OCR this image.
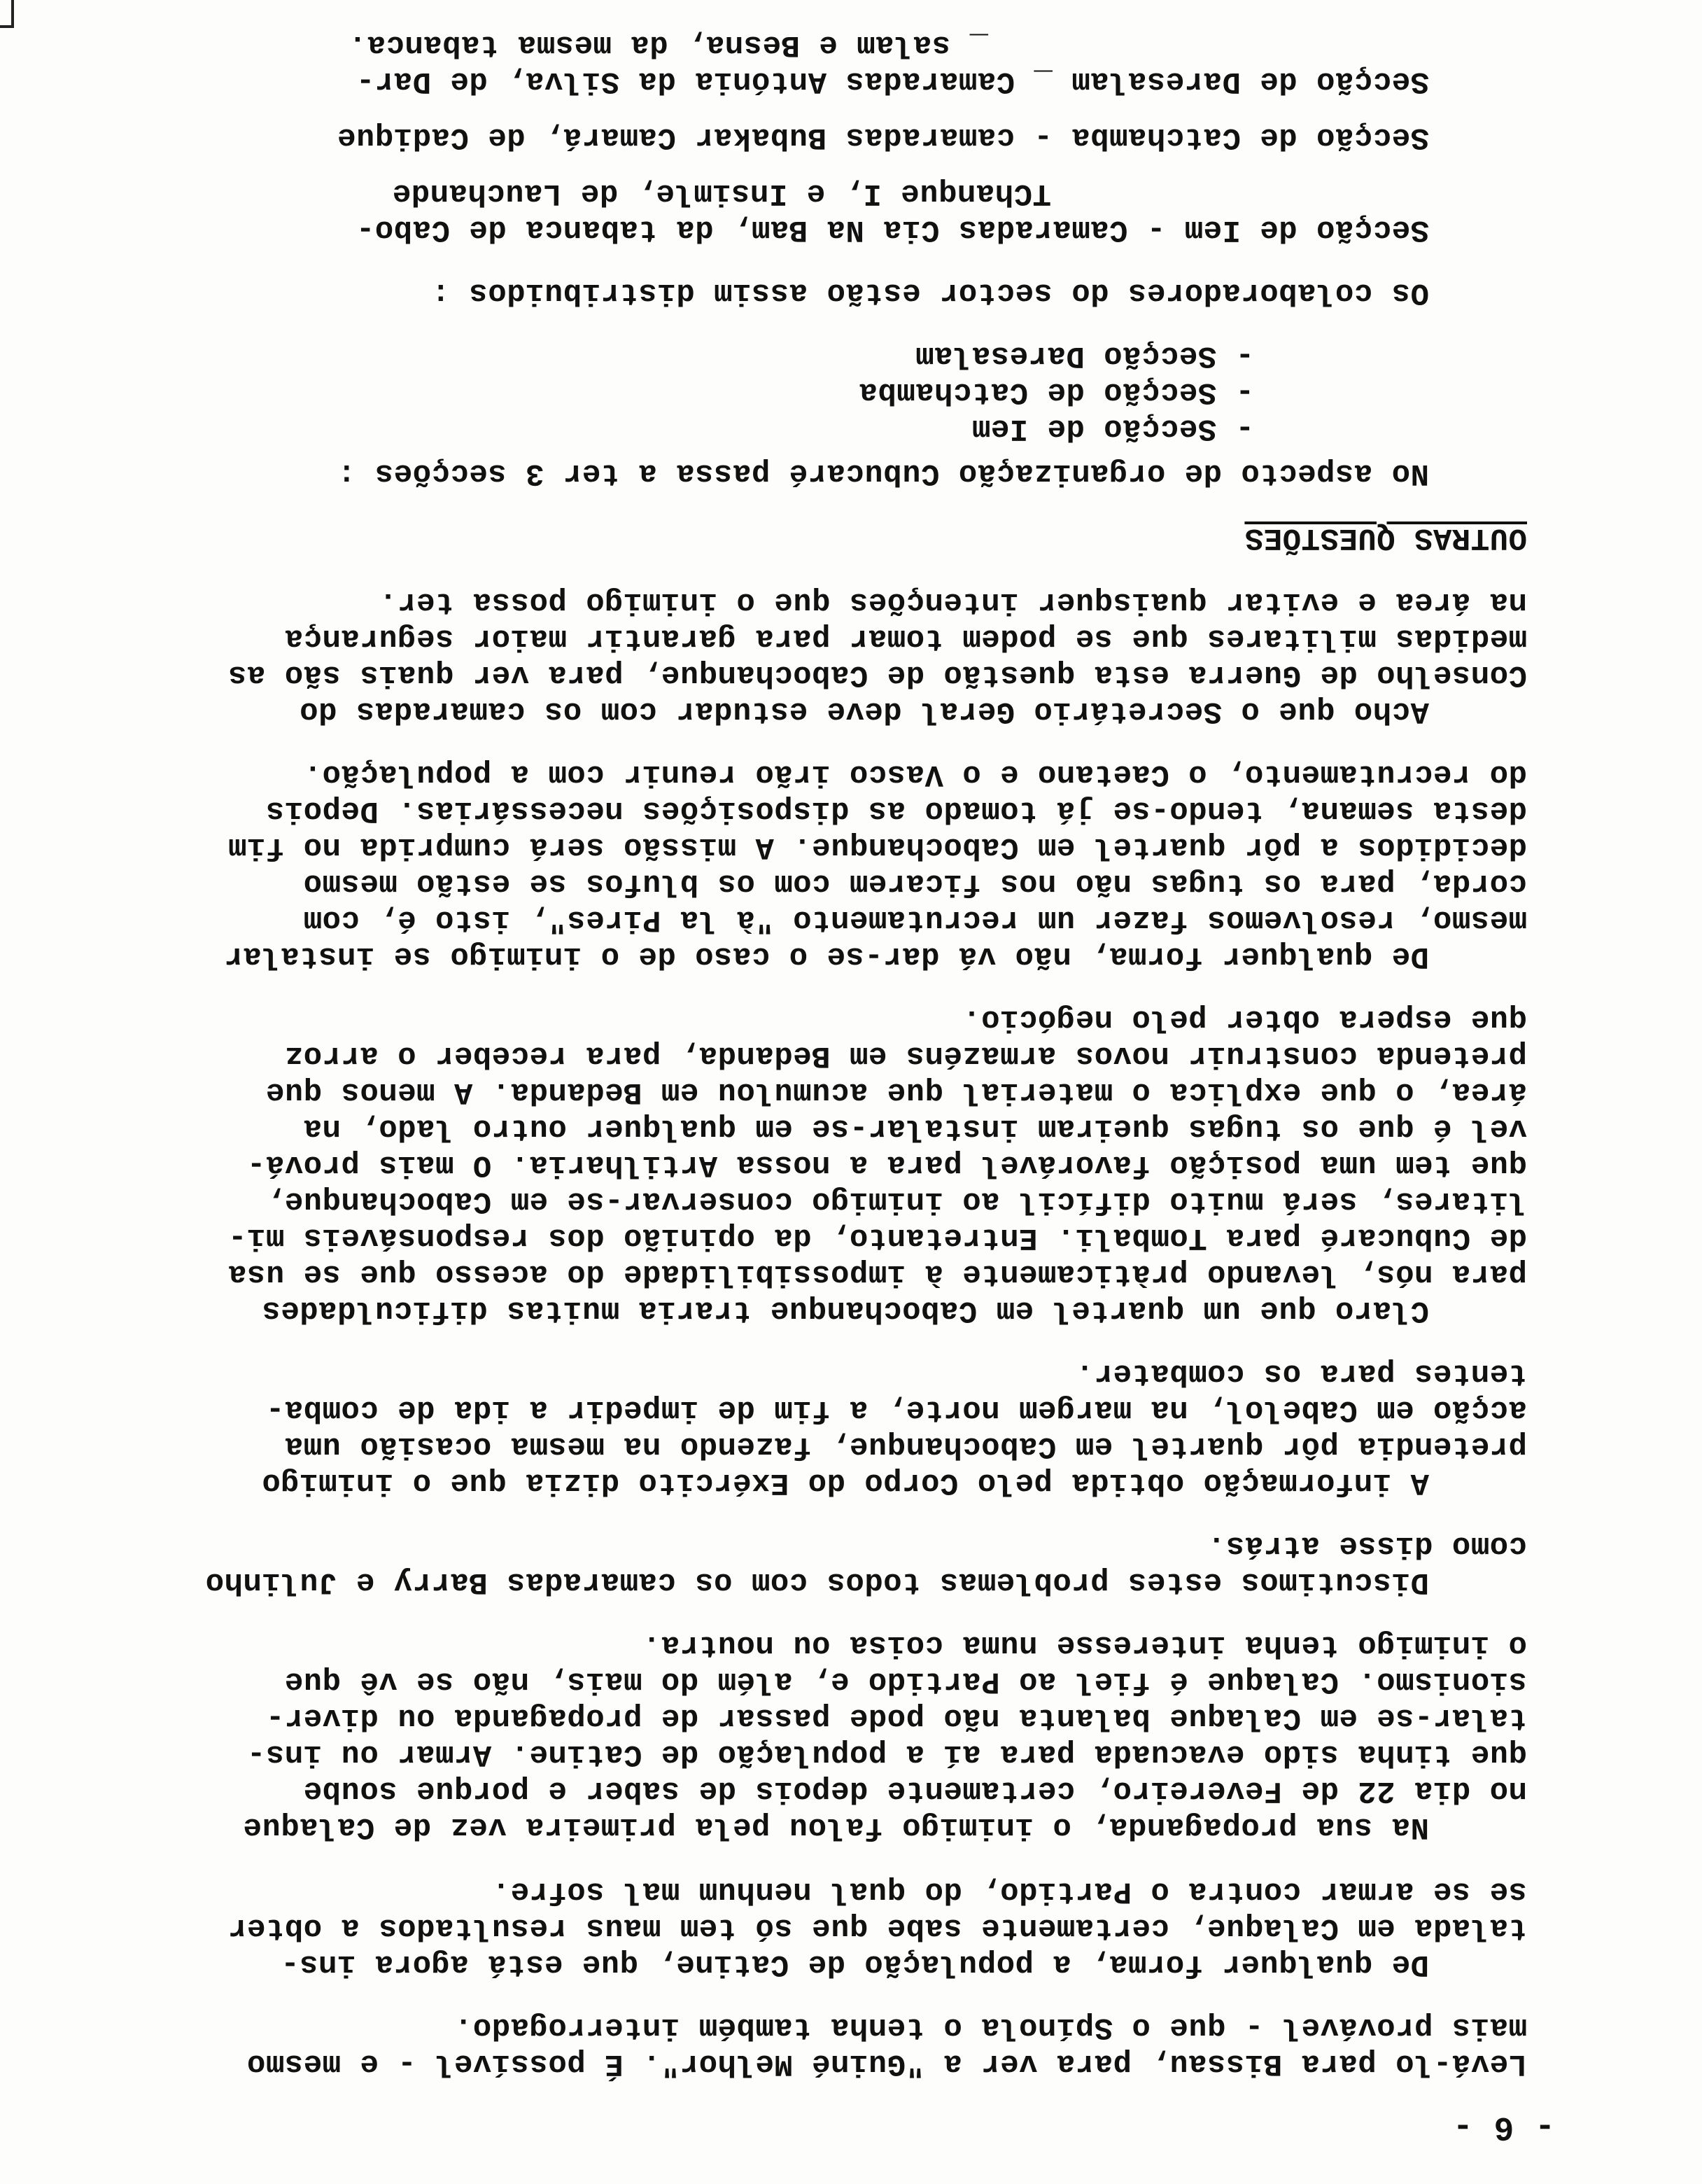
- 6 -
Levá-lo para Bissau, para ver a "Guiné Melhor". É possível - e mesmo
mais provável - que o Spínola o tenha também interrogado.
De qualquer forma, a população de Catine, que está agora ins-
talada em Calaque, certamente sabe que só tem maus resultados a obter
se se armar contra o Partido, do qual nenhum mal sofre.
Na sua propaganda, o inimigo falou pela primeira vez de Calaque
no dia 22 de Fevereiro, certamente depois de saber e porque soube
que tinha sido evacuada para aí a população de Catine. Armar ou ins-
talar-se em Calaque balanta não pode passar de propaganda ou diver-
sionismo. Calaque é fiel ao Partido e, além do mais, não se vê que
o inimigo tenha interesse numa coisa ou noutra.
Discutimos estes problemas todos com os camaradas Barry e Julinho
como disse atrás.
A informação obtida pelo Corpo do Exército dizia que o inimigo
pretendia pôr quartel em Cabochanque, fazendo na mesma ocasião uma
acção em Cabelol, na margem norte, a fim de impedir a ida de comba-
tentes para os combater.
Claro que um quartel em Cabochanque traria muitas dificuldades
para nós, levando pràticamente à impossibilidade do acesso que se usa
de Cubucaré para Tombali. Entretanto, da opinião dos responsáveis mi-
litares, será muito difícil ao inimigo conservar-se em Cabochanque,
que tem uma posição favorável para a nossa Artilharia. O mais prová-
vel é que os tugas queiram instalar-se em qualquer outro lado, na
área, o que explica o material que acumulou em Bedanda. A menos que
pretenda construir novos armazéns em Bedanda, para receber o arroz
que espera obter pelo negócio.
De qualquer forma, não vá dar-se o caso de o inimigo se instalar
mesmo, resolvemos fazer um recrutamento "à la Pires", isto é, com
corda, para os tugas não nos ficarem com os blufos se estão mesmo
decididos a pôr quartel em Cabochanque. A missão será cumprida no fim
desta semana, tendo-se já tomado as disposições necessárias. Depois
do recrutamento, o Caetano e o Vasco irão reunir com a população.
Acho que o Secretário Geral deve estudar com os camaradas do
Conselho de Guerra esta questão de Cabochanque, para ver quais são as
medidas militares que se podem tomar para garantir maior segurança
na área e evitar quaisquer intenções que o inimigo possa ter.
OUTRAS QUESTÕES
No aspecto de organização Cubucaré passa a ter 3 secções :
- Secção de Iem
- Secção de Catchamba
- Secção Daresalam
Os colaboradores do sector estão assim distribuidos :
Secção de Iem - Camaradas Cia Na Bam, da tabanca de Cabo-
TChanque I, e Insimle, de Lauchande
Secção de Catchamba - camaradas Bubakar Camará, de Cadique
Secção de Daresalam _ Camaradas Antónia da Silva, de Dar-
_ salam e Besna, da mesma tabanca.
